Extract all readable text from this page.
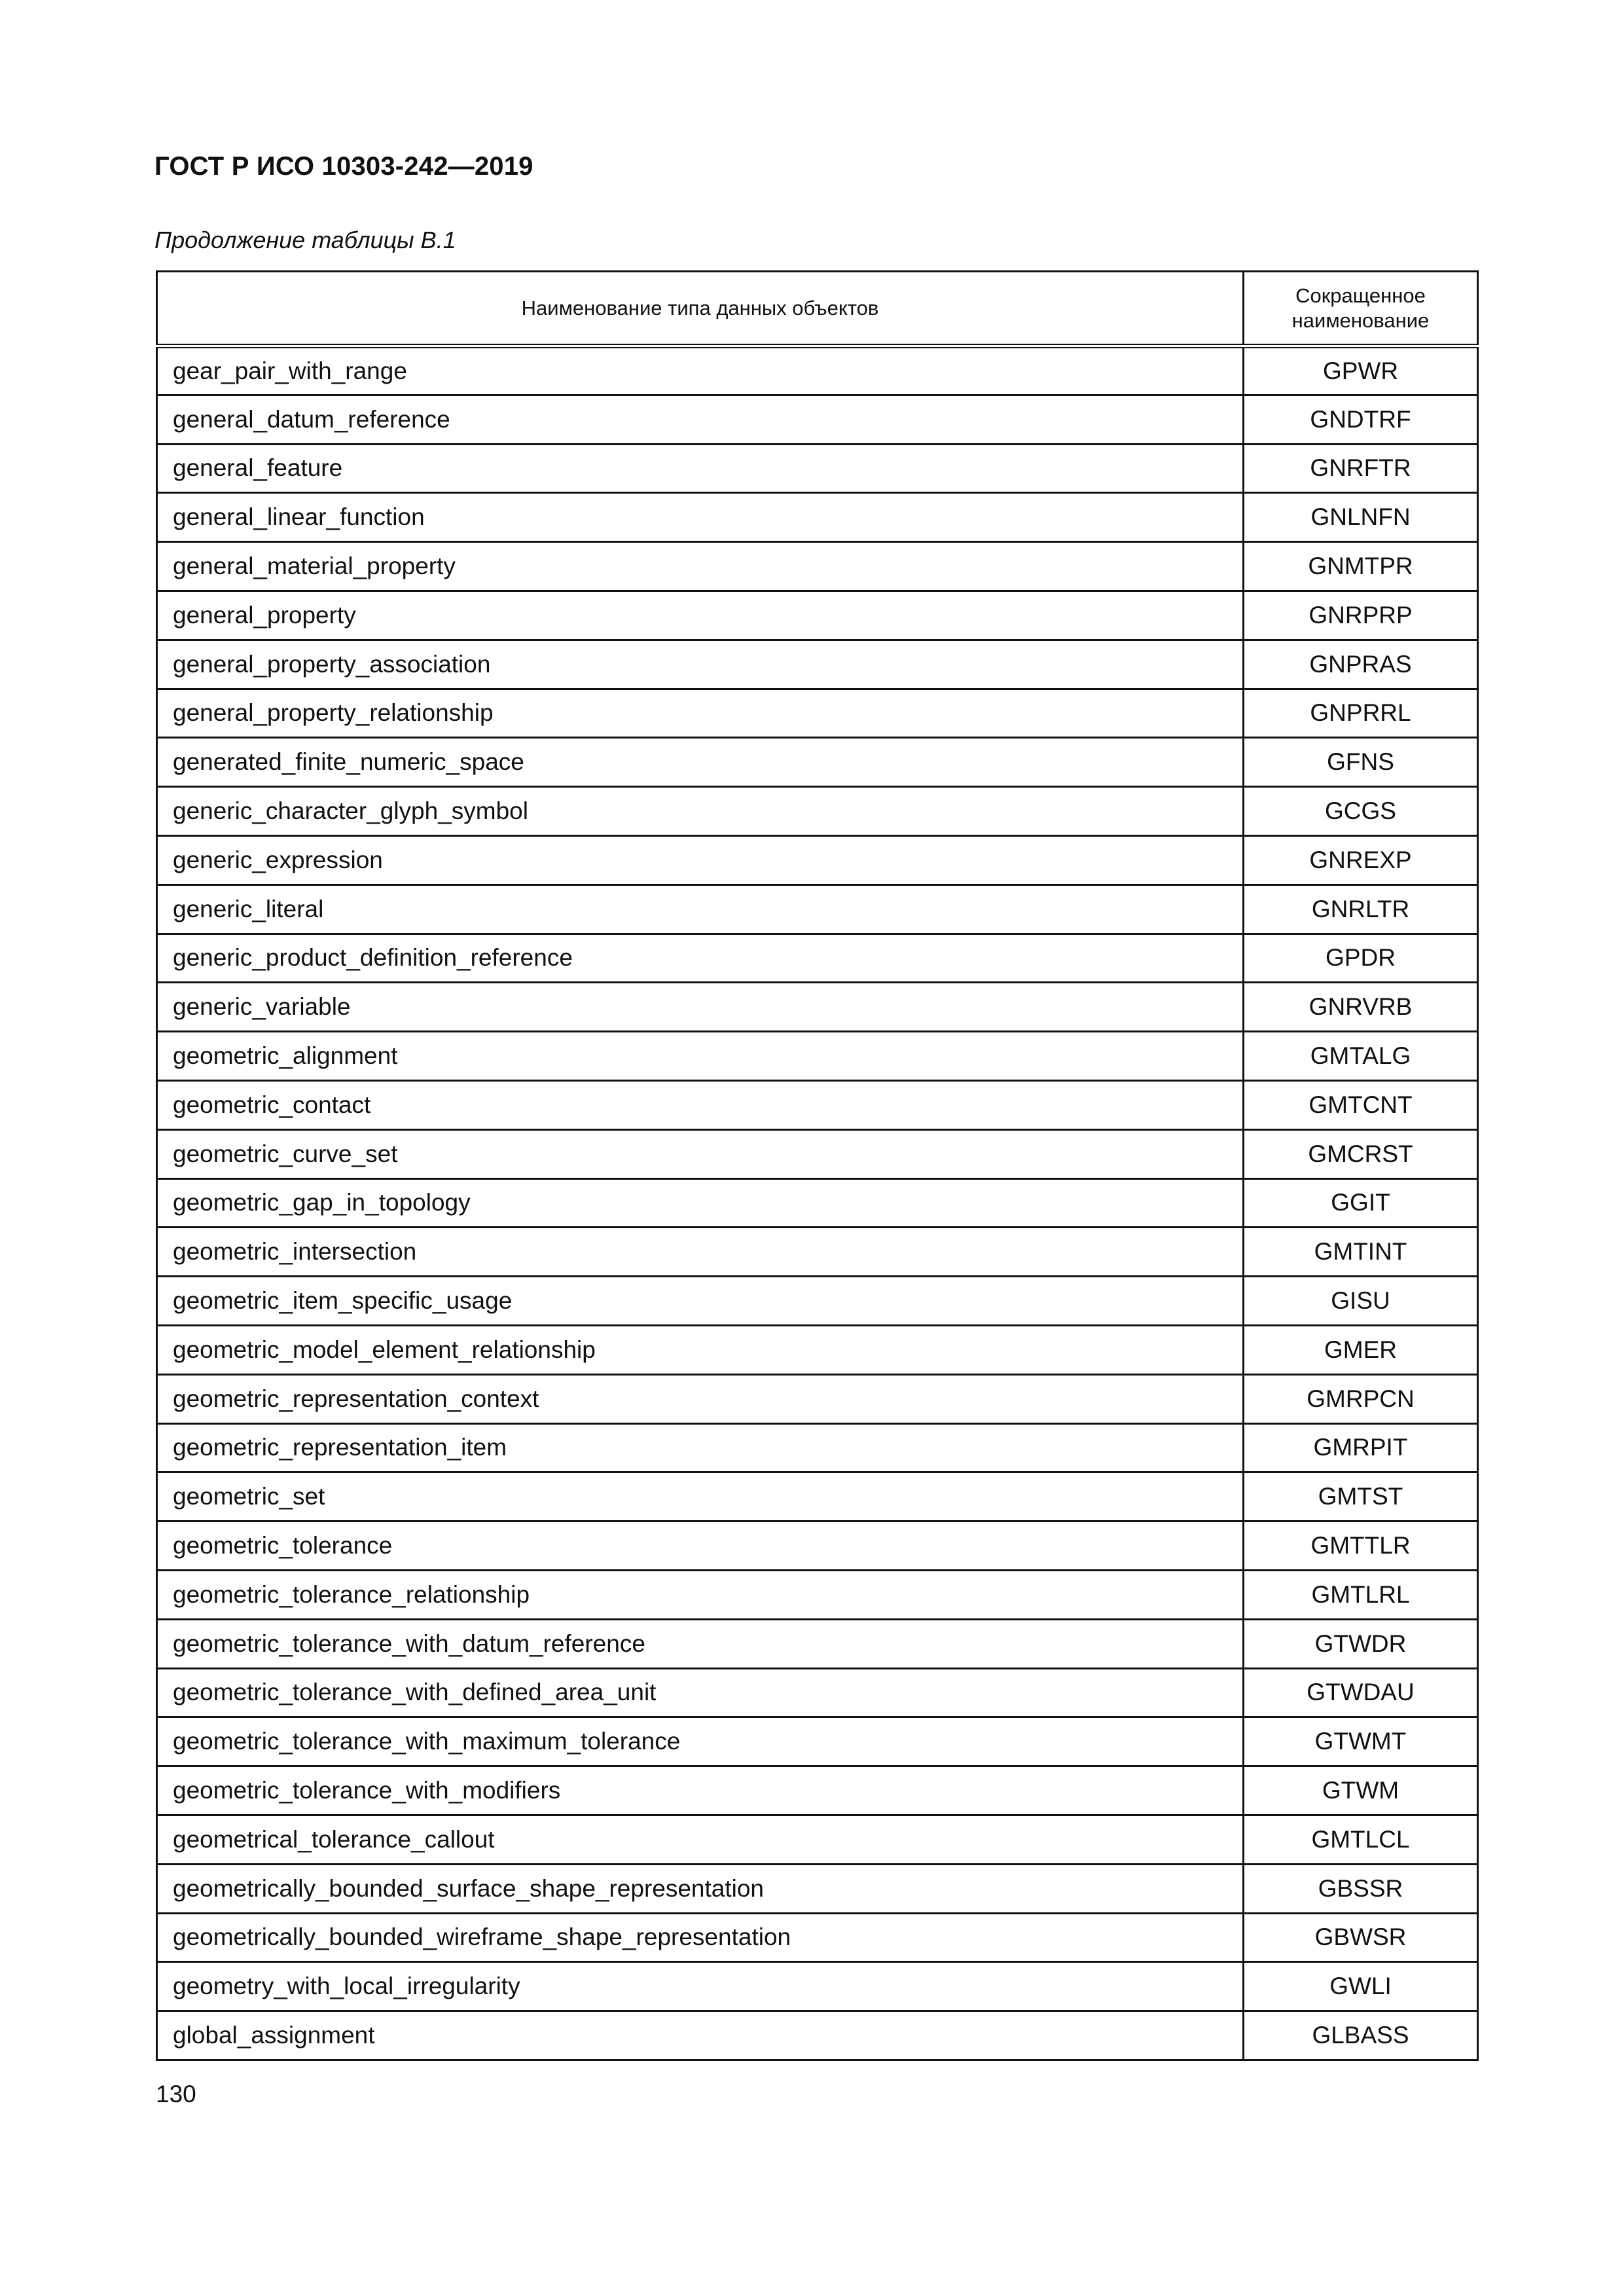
ГОСТ Р ИСО 10303-242—2019
Продолжение таблицы В.1
Наименование типа данных объектов	Сокращенное
наименование
gear_pair_with_range	GPWR
general_datum_reference	GNDTRF
general_feature	GNRFTR
general_linear_function	GNLNFN
general_material_property	GNMTPR
general_property	GNRPRP
general_property_association	GNPRAS
general_property_relationship	GNPRRL
generated_finite_numeric_space	GFNS
generic_character_glyph_symbol	GCGS
generic_expression	GNREXP
generic_literal	GNRLTR
generic_product_definition_reference	GPDR
generic_variable	GNRVRB
geometric_alignment	GMTALG
geometric_contact	GMTCNT
geometric_curve_set	GMCRST
geometric_gap_in_topology	GGIT
geometric_intersection	GMTINT
geometric_item_specific_usage	GISU
geometric_model_element_relationship	GMER
geometric_representation_context	GMRPCN
geometric_representation_item	GMRPIT
geometric_set	GMTST
geometric_tolerance	GMTTLR
geometric_tolerance_relationship	GMTLRL
geometric_tolerance_with_datum_reference	GTWDR
geometric_tolerance_with_defined_area_unit	GTWDAU
geometric_tolerance_with_maximum_tolerance	GTWMT
geometric_tolerance_with_modifiers	GTWM
geometrical_tolerance_callout	GMTLCL
geometrically_bounded_surface_shape_representation	GBSSR
geometrically_bounded_wireframe_shape_representation	GBWSR
geometry_with_local_irregularity	GWLI
global_assignment	GLBASS
130
